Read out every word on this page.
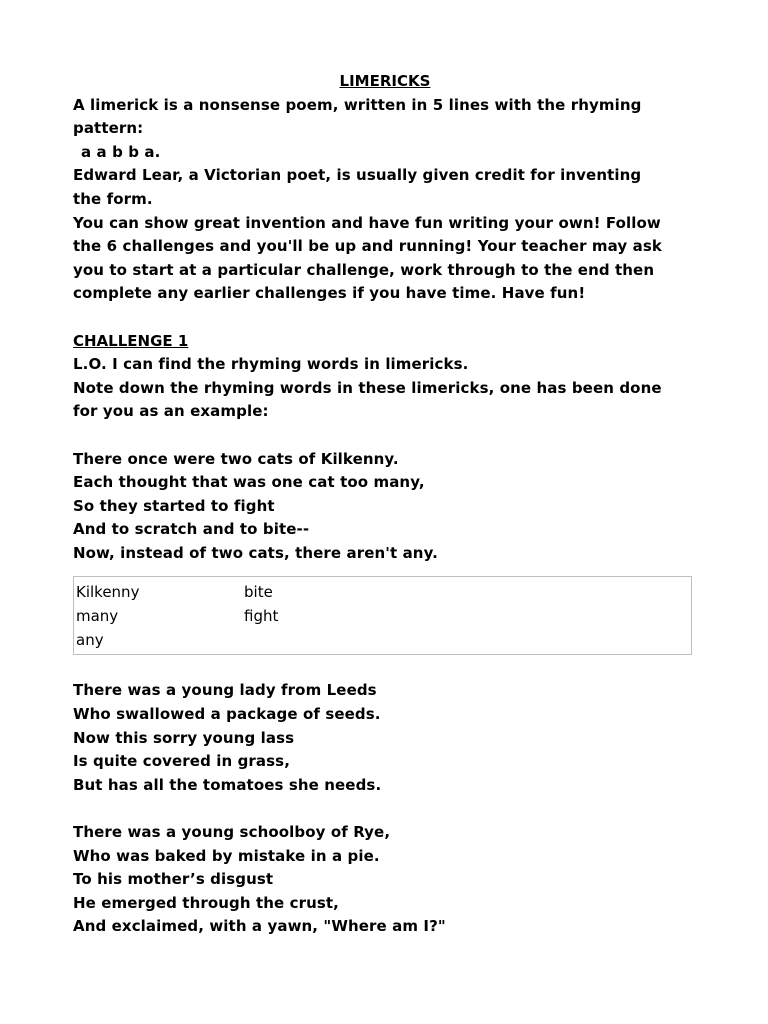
LIMERICKS

A limerick is a nonsense poem, written in 5 lines with the rhyming

pattern:

a a b b a.

Edward Lear, a Victorian poet, is usually given credit for inventing

the form.

You can show great invention and have fun writing your own! Follow

the 6 challenges and you'll be up and running! Your teacher may ask

you to start at a particular challenge, work through to the end then

complete any earlier challenges if you have time. Have fun!

CHALLENGE 1

L.O. I can find the rhyming words in limericks.

Note down the rhyming words in these limericks, one has been done

for you as an example:

There once were two cats of Kilkenny.

Each thought that was one cat too many,

So they started to fight

And to scratch and to bite--

Now, instead of two cats, there aren't any.

Kilkenny	bite
many	fight
any

There was a young lady from Leeds

Who swallowed a package of seeds.

Now this sorry young lass

Is quite covered in grass,

But has all the tomatoes she needs.

There was a young schoolboy of Rye,

Who was baked by mistake in a pie.

To his mother’s disgust

He emerged through the crust,

And exclaimed, with a yawn, "Where am I?"
